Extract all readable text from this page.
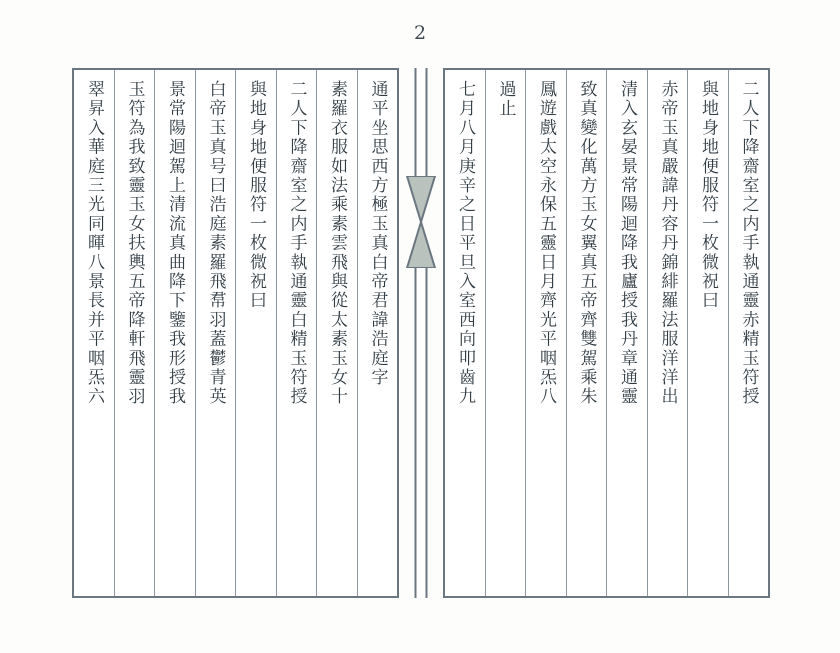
2
二人下降齋室之内手執通靈赤精玉符授
與地身地便服符一枚微祝曰
赤帝玉真嚴諱丹容丹錦緋羅法服洋洋出
清入玄晏景常陽迴降我廬授我丹章通靈
致真變化萬方玉女翼真五帝齊雙駕乘朱
鳳遊戲太空永保五靈日月齊光平咽炁八
過止
七月八月庚辛之日平旦入室西向叩齒九
通平坐思西方極玉真白帝君諱浩庭字
素羅衣服如法乘素雲飛與從太素玉女十
二人下降齋室之内手執通靈白精玉符授
與地身地便服符一枚微祝曰
白帝玉真号曰浩庭素羅飛帬羽蓋鬱青英
景常陽迴駕上清流真曲降下鑒我形授我
玉符為我致靈玉女扶輿五帝降軒飛靈羽
翠昇入華庭三光同暉八景長并平咽炁六
